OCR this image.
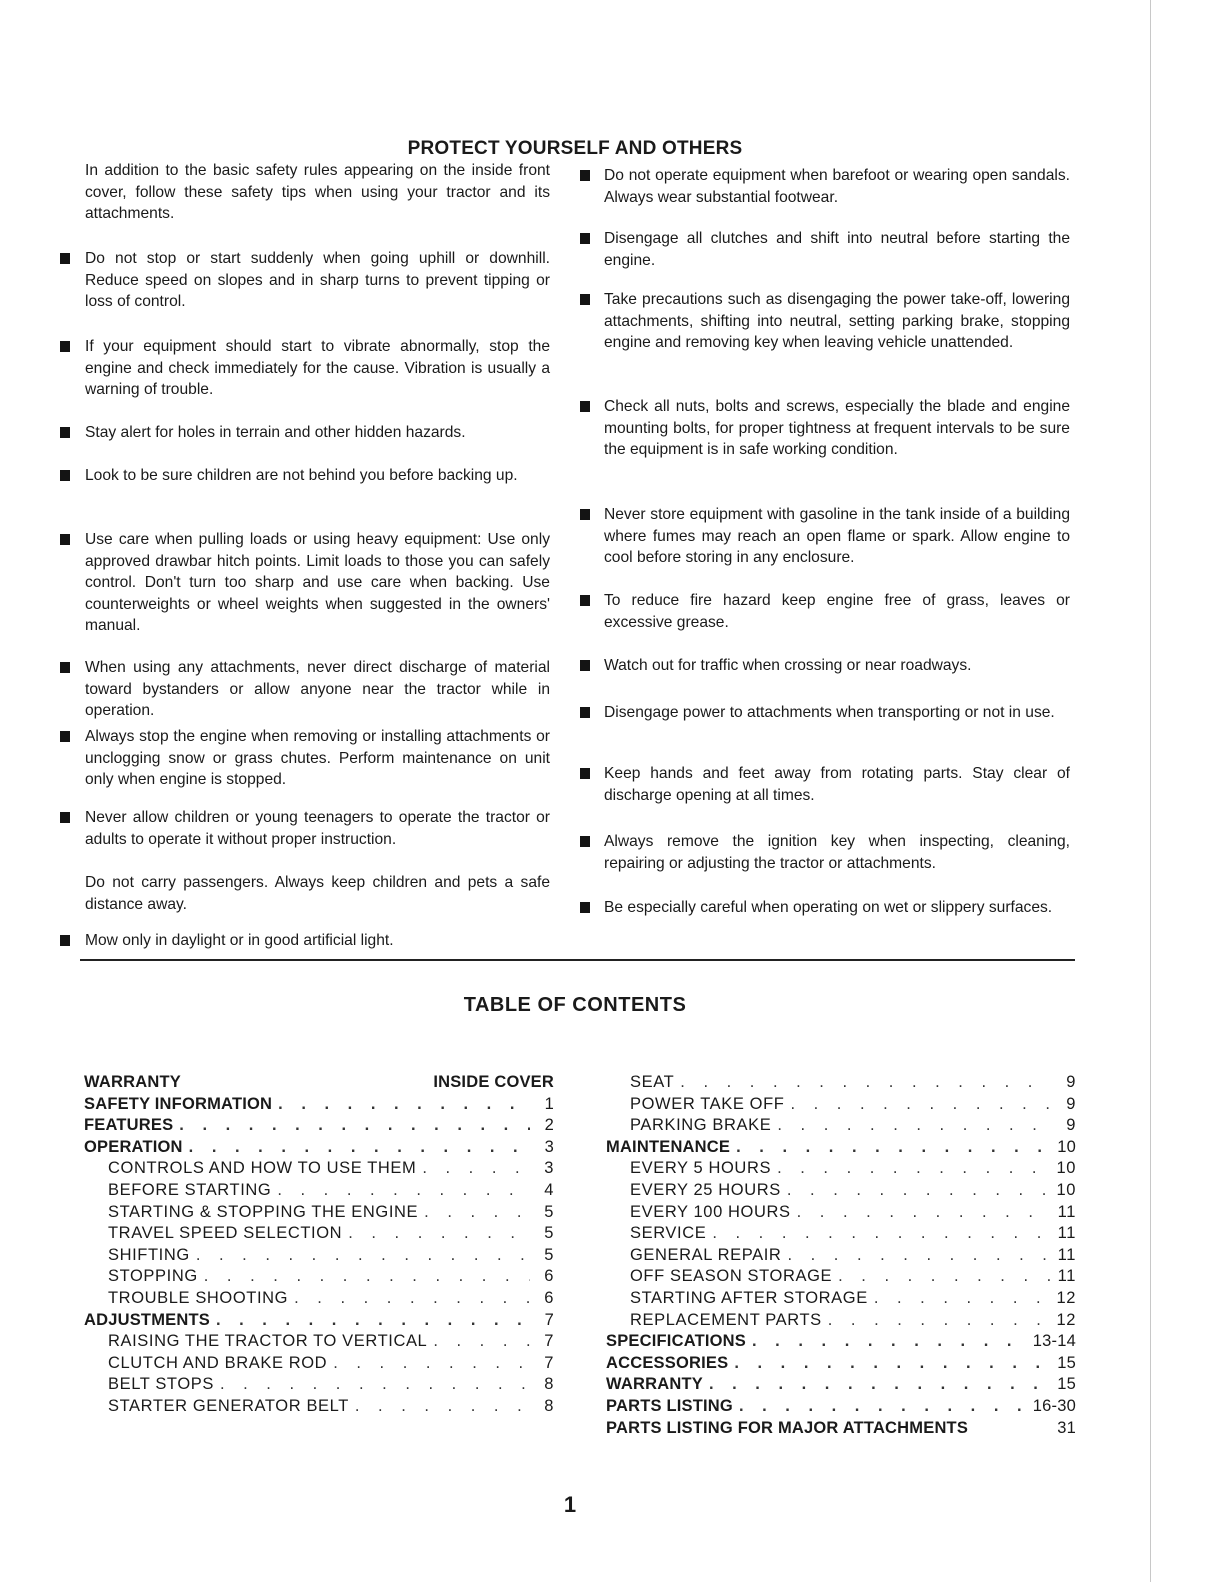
PROTECT YOURSELF AND OTHERS
In addition to the basic safety rules appearing on the inside front cover, follow these safety tips when using your tractor and its attachments.
Do not stop or start suddenly when going uphill or downhill. Reduce speed on slopes and in sharp turns to prevent tipping or loss of control.
If your equipment should start to vibrate abnormally, stop the engine and check immediately for the cause. Vibration is usually a warning of trouble.
Stay alert for holes in terrain and other hidden hazards.
Look to be sure children are not behind you before backing up.
Use care when pulling loads or using heavy equipment: Use only approved drawbar hitch points. Limit loads to those you can safely control. Don't turn too sharp and use care when backing. Use counterweights or wheel weights when suggested in the owners' manual.
When using any attachments, never direct discharge of material toward bystanders or allow anyone near the tractor while in operation.
Always stop the engine when removing or installing attachments or unclogging snow or grass chutes. Perform maintenance on unit only when engine is stopped.
Never allow children or young teenagers to operate the tractor or adults to operate it without proper instruction.
Do not carry passengers. Always keep children and pets a safe distance away.
Mow only in daylight or in good artificial light.
Do not operate equipment when barefoot or wearing open sandals. Always wear substantial footwear.
Disengage all clutches and shift into neutral before starting the engine.
Take precautions such as disengaging the power take-off, lowering attachments, shifting into neutral, setting parking brake, stopping engine and removing key when leaving vehicle unattended.
Check all nuts, bolts and screws, especially the blade and engine mounting bolts, for proper tightness at frequent intervals to be sure the equipment is in safe working condition.
Never store equipment with gasoline in the tank inside of a building where fumes may reach an open flame or spark. Allow engine to cool before storing in any enclosure.
To reduce fire hazard keep engine free of grass, leaves or excessive grease.
Watch out for traffic when crossing or near roadways.
Disengage power to attachments when transporting or not in use.
Keep hands and feet away from rotating parts. Stay clear of discharge opening at all times.
Always remove the ignition key when inspecting, cleaning, repairing or adjusting the tractor or attachments.
Be especially careful when operating on wet or slippery surfaces.
TABLE OF CONTENTS
WARRANTY	INSIDE COVER
SAFETY INFORMATION . . .	1
FEATURES . . .	2
OPERATION . . .	3
CONTROLS AND HOW TO USE THEM . . .	3
BEFORE STARTING . . .	4
STARTING & STOPPING THE ENGINE . . .	5
TRAVEL SPEED SELECTION . . .	5
SHIFTING . . .	5
STOPPING . . .	6
TROUBLE SHOOTING . . .	6
ADJUSTMENTS . . .	7
RAISING THE TRACTOR TO VERTICAL . . .	7
CLUTCH AND BRAKE ROD . . .	7
BELT STOPS . . .	8
STARTER GENERATOR BELT . . .	8
SEAT . . .	9
POWER TAKE OFF . . .	9
PARKING BRAKE . . .	9
MAINTENANCE . . .	10
EVERY 5 HOURS . . .	10
EVERY 25 HOURS . . .	10
EVERY 100 HOURS . . .	11
SERVICE . . .	11
GENERAL REPAIR . . .	11
OFF SEASON STORAGE . . .	11
STARTING AFTER STORAGE . . .	12
REPLACEMENT PARTS . . .	12
SPECIFICATIONS . . .	13-14
ACCESSORIES . . .	15
WARRANTY . . .	15
PARTS LISTING . . .	16-30
PARTS LISTING FOR MAJOR ATTACHMENTS	31
1
